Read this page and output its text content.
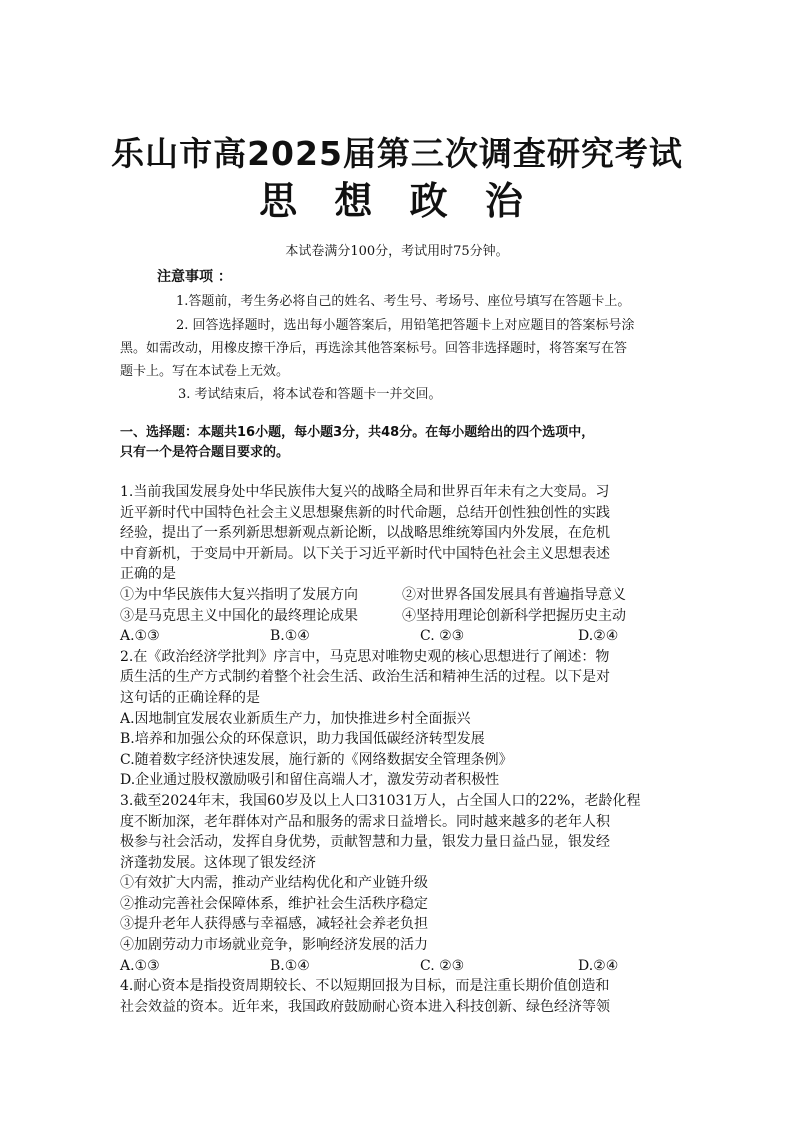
乐山市高2025届第三次调查研究考试
思 想 政 治
本试卷满分100分，考试用时75分钟。
注意事项 ：
1.答题前，考生务必将自己的姓名、考生号、考场号、座位号填写在答题卡上。
2. 回答选择题时，选出每小题答案后，用铅笔把答题卡上对应题目的答案标号涂
黑。如需改动，用橡皮擦干净后，再选涂其他答案标号。回答非选择题时，将答案写在答
题卡上。写在本试卷上无效。
3. 考试结束后，将本试卷和答题卡一并交回。
一、选择题：本题共16小题，每小题3分，共48分。在每小题给出的四个选项中，
只有一个是符合题目要求的。

1.当前我国发展身处中华民族伟大复兴的战略全局和世界百年未有之大变局。习

近平新时代中国特色社会主义思想聚焦新的时代命题，总结开创性独创性的实践

经验，提出了一系列新思想新观点新论断，以战略思维统筹国内外发展，在危机

中育新机，于变局中开新局。以下关于习近平新时代中国特色社会主义思想表述

正确的是

①为中华民族伟大复兴指明了发展方向	②对世界各国发展具有普遍指导意义
③是马克思主义中国化的最终理论成果	④坚持用理论创新科学把握历史主动
A.①③	B.①④	C. ②③	D.②④

2.在《政治经济学批判》序言中，马克思对唯物史观的核心思想进行了阐述：物

质生活的生产方式制约着整个社会生活、政治生活和精神生活的过程。以下是对

这句话的正确诠释的是

A.因地制宜发展农业新质生产力，加快推进乡村全面振兴

B.培养和加强公众的环保意识，助力我国低碳经济转型发展

C.随着数字经济快速发展，施行新的《网络数据安全管理条例》

D.企业通过股权激励吸引和留住高端人才，激发劳动者积极性

3.截至2024年末，我国60岁及以上人口31031万人，占全国人口的22%，老龄化程

度不断加深，老年群体对产品和服务的需求日益增长。同时越来越多的老年人积

极参与社会活动，发挥自身优势，贡献智慧和力量，银发力量日益凸显，银发经

济蓬勃发展。这体现了银发经济

①有效扩大内需，推动产业结构优化和产业链升级

②推动完善社会保障体系，维护社会生活秩序稳定

③提升老年人获得感与幸福感，减轻社会养老负担

④加剧劳动力市场就业竞争，影响经济发展的活力

A.①③	B.①④	C. ②③	D.②④

4.耐心资本是指投资周期较长、不以短期回报为目标，而是注重长期价值创造和

社会效益的资本。近年来，我国政府鼓励耐心资本进入科技创新、绿色经济等领
